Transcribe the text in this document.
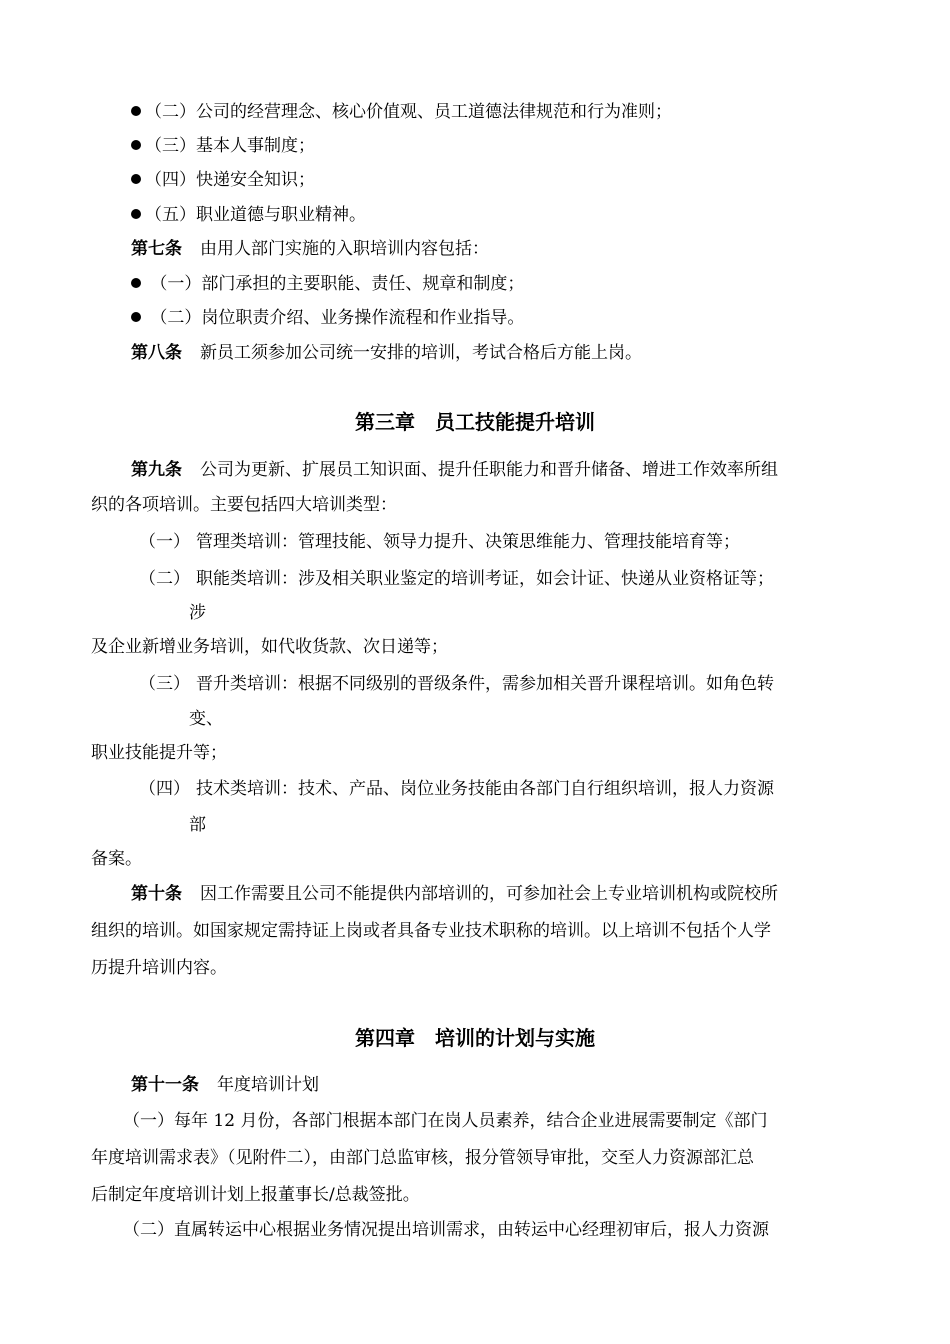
（二）公司的经营理念、核心价值观、员工道德法律规范和行为准则；
（三）基本人事制度；
（四）快递安全知识；
（五）职业道德与职业精神。
第七条 由用人部门实施的入职培训内容包括：
（一）部门承担的主要职能、责任、规章和制度；
（二）岗位职责介绍、业务操作流程和作业指导。
第八条 新员工须参加公司统一安排的培训，考试合格后方能上岗。
第三章　员工技能提升培训
第九条 公司为更新、扩展员工知识面、提升任职能力和晋升储备、增进工作效率所组
织的各项培训。主要包括四大培训类型：
（一） 管理类培训：管理技能、领导力提升、决策思维能力、管理技能培育等；
（二） 职能类培训：涉及相关职业鉴定的培训考证，如会计证、快递从业资格证等；
涉
及企业新增业务培训，如代收货款、次日递等；
（三） 晋升类培训：根据不同级别的晋级条件，需参加相关晋升课程培训。如角色转
变、
职业技能提升等；
（四） 技术类培训：技术、产品、岗位业务技能由各部门自行组织培训，报人力资源
部
备案。
第十条 因工作需要且公司不能提供内部培训的，可参加社会上专业培训机构或院校所
组织的培训。如国家规定需持证上岗或者具备专业技术职称的培训。以上培训不包括个人学
历提升培训内容。
第四章　培训的计划与实施
第十一条 年度培训计划
（一）每年 12 月份，各部门根据本部门在岗人员素养，结合企业进展需要制定《部门
年度培训需求表》（见附件二），由部门总监审核，报分管领导审批，交至人力资源部汇总
后制定年度培训计划上报董事长/总裁签批。
（二）直属转运中心根据业务情况提出培训需求，由转运中心经理初审后，报人力资源
